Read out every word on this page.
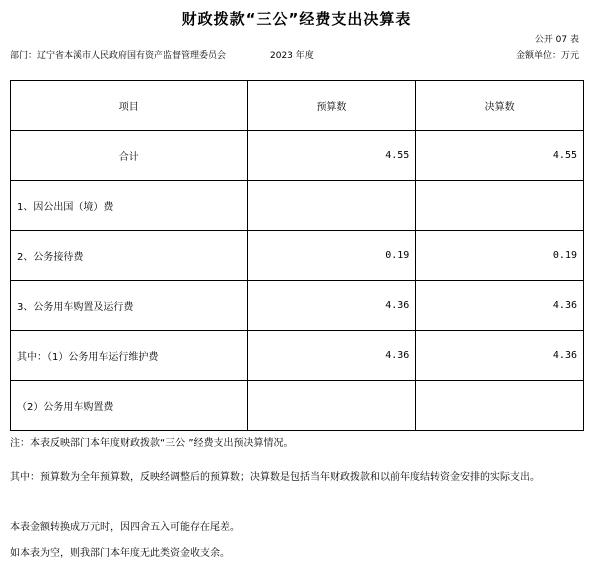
财政拨款“三公”经费支出决算表
公开 07 表
部门：辽宁省本溪市人民政府国有资产监督管理委员会	2023 年度	金额单位：万元
项目	预算数	决算数
合计	4.55	4.55
1、因公出国（境）费		
2、公务接待费	0.19	0.19
3、公务用车购置及运行费	4.36	4.36
其中：（1）公务用车运行维护费	4.36	4.36
（2）公务用车购置费		

注：本表反映部门本年度财政拨款“三公 ”经费支出预决算情况。

其中：预算数为全年预算数，反映经调整后的预算数；决算数是包括当年财政拨款和以前年度结转资金安排的实际支出。

本表金额转换成万元时，因四舍五入可能存在尾差。

如本表为空，则我部门本年度无此类资金收支余。
